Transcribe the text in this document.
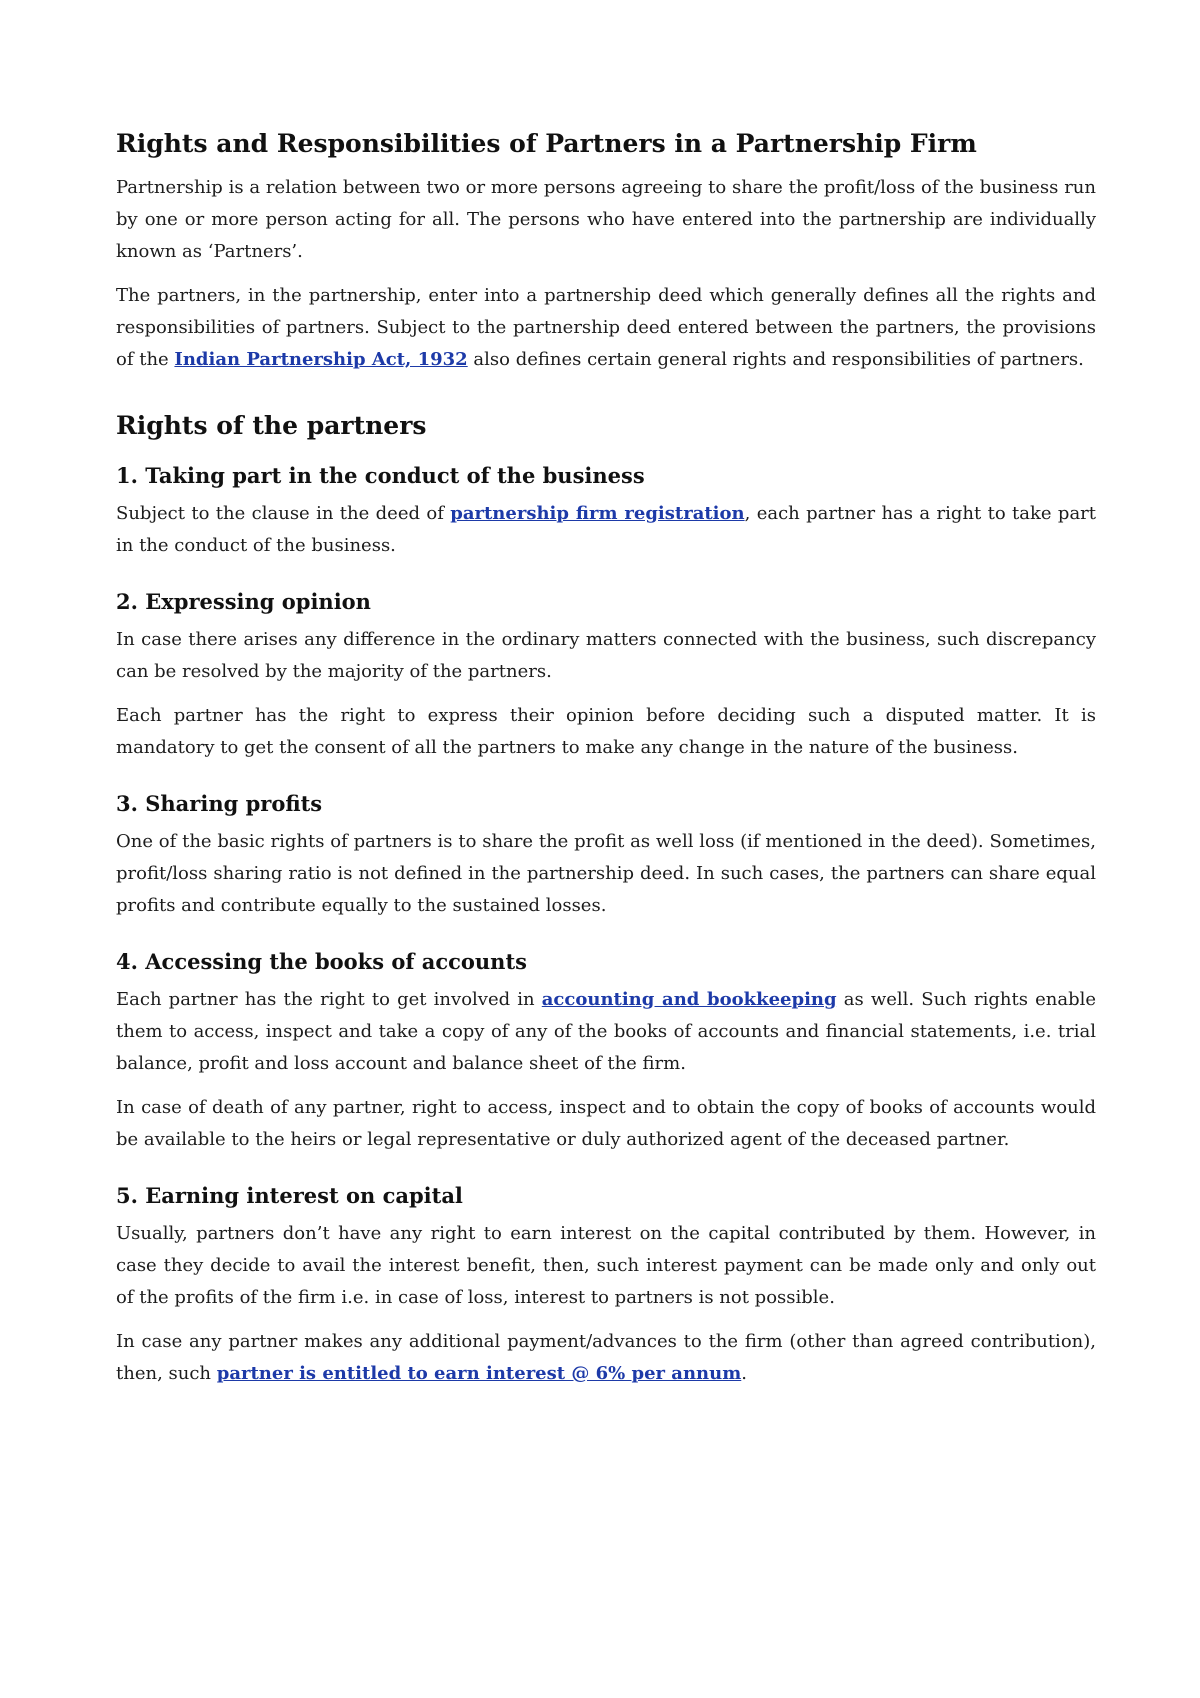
Rights and Responsibilities of Partners in a Partnership Firm

Partnership is a relation between two or more persons agreeing to share the profit/loss of the business run by one or more person acting for all. The persons who have entered into the partnership are individually known as ‘Partners’.

The partners, in the partnership, enter into a partnership deed which generally defines all the rights and responsibilities of partners. Subject to the partnership deed entered between the partners, the provisions of the Indian Partnership Act, 1932 also defines certain general rights and responsibilities of partners.

Rights of the partners
1. Taking part in the conduct of the business

Subject to the clause in the deed of partnership firm registration, each partner has a right to take part in the conduct of the business.

2. Expressing opinion

In case there arises any difference in the ordinary matters connected with the business, such discrepancy can be resolved by the majority of the partners.

Each partner has the right to express their opinion before deciding such a disputed matter. It is mandatory to get the consent of all the partners to make any change in the nature of the business.

3. Sharing profits

One of the basic rights of partners is to share the profit as well loss (if mentioned in the deed). Sometimes, profit/loss sharing ratio is not defined in the partnership deed. In such cases, the partners can share equal profits and contribute equally to the sustained losses.

4. Accessing the books of accounts

Each partner has the right to get involved in accounting and bookkeeping as well. Such rights enable them to access, inspect and take a copy of any of the books of accounts and financial statements, i.e. trial balance, profit and loss account and balance sheet of the firm.

In case of death of any partner, right to access, inspect and to obtain the copy of books of accounts would be available to the heirs or legal representative or duly authorized agent of the deceased partner.

5. Earning interest on capital

Usually, partners don’t have any right to earn interest on the capital contributed by them. However, in case they decide to avail the interest benefit, then, such interest payment can be made only and only out of the profits of the firm i.e. in case of loss, interest to partners is not possible.

In case any partner makes any additional payment/advances to the firm (other than agreed contribution), then, such partner is entitled to earn interest @ 6% per annum.
